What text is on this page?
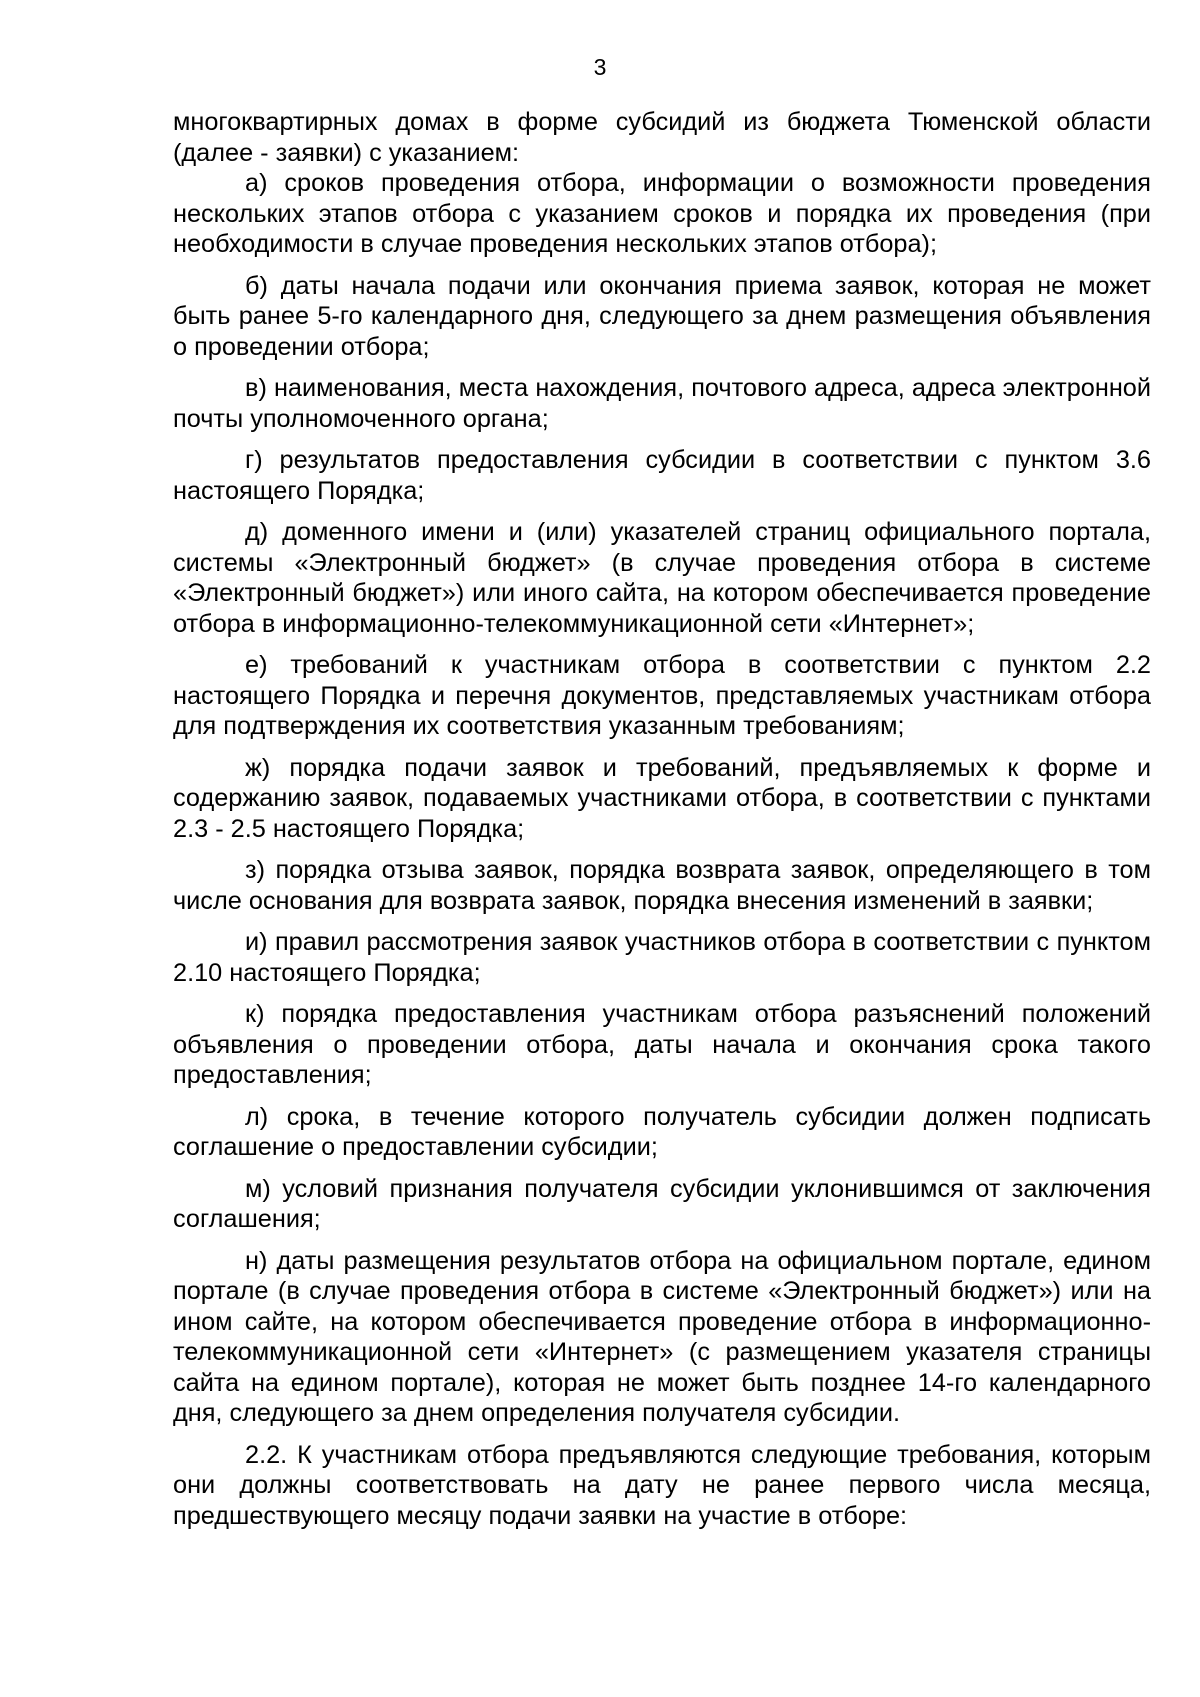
3

многоквартирных домах в форме субсидий из бюджета Тюменской области (далее - заявки) с указанием:

а) сроков проведения отбора, информации о возможности проведения нескольких этапов отбора с указанием сроков и порядка их проведения (при необходимости в случае проведения нескольких этапов отбора);

б) даты начала подачи или окончания приема заявок, которая не может быть ранее 5-го календарного дня, следующего за днем размещения объявления о проведении отбора;

в) наименования, места нахождения, почтового адреса, адреса электронной почты уполномоченного органа;

г) результатов предоставления субсидии в соответствии с пунктом 3.6 настоящего Порядка;

д) доменного имени и (или) указателей страниц официального портала, системы «Электронный бюджет» (в случае проведения отбора в системе «Электронный бюджет») или иного сайта, на котором обеспечивается проведение отбора в информационно-телекоммуникационной сети «Интернет»;

е) требований к участникам отбора в соответствии с пунктом 2.2 настоящего Порядка и перечня документов, представляемых участникам отбора для подтверждения их соответствия указанным требованиям;

ж) порядка подачи заявок и требований, предъявляемых к форме и содержанию заявок, подаваемых участниками отбора, в соответствии с пунктами 2.3 - 2.5 настоящего Порядка;

з) порядка отзыва заявок, порядка возврата заявок, определяющего в том числе основания для возврата заявок, порядка внесения изменений в заявки;

и) правил рассмотрения заявок участников отбора в соответствии с пунктом 2.10 настоящего Порядка;

к) порядка предоставления участникам отбора разъяснений положений объявления о проведении отбора, даты начала и окончания срока такого предоставления;

л) срока, в течение которого получатель субсидии должен подписать соглашение о предоставлении субсидии;

м) условий признания получателя субсидии уклонившимся от заключения соглашения;

н) даты размещения результатов отбора на официальном портале, едином портале (в случае проведения отбора в системе «Электронный бюджет») или на ином сайте, на котором обеспечивается проведение отбора в информационно-телекоммуникационной сети «Интернет» (с размещением указателя страницы сайта на едином портале), которая не может быть позднее 14-го календарного дня, следующего за днем определения получателя субсидии.

2.2. К участникам отбора предъявляются следующие требования, которым они должны соответствовать на дату не ранее первого числа месяца, предшествующего месяцу подачи заявки на участие в отборе:
